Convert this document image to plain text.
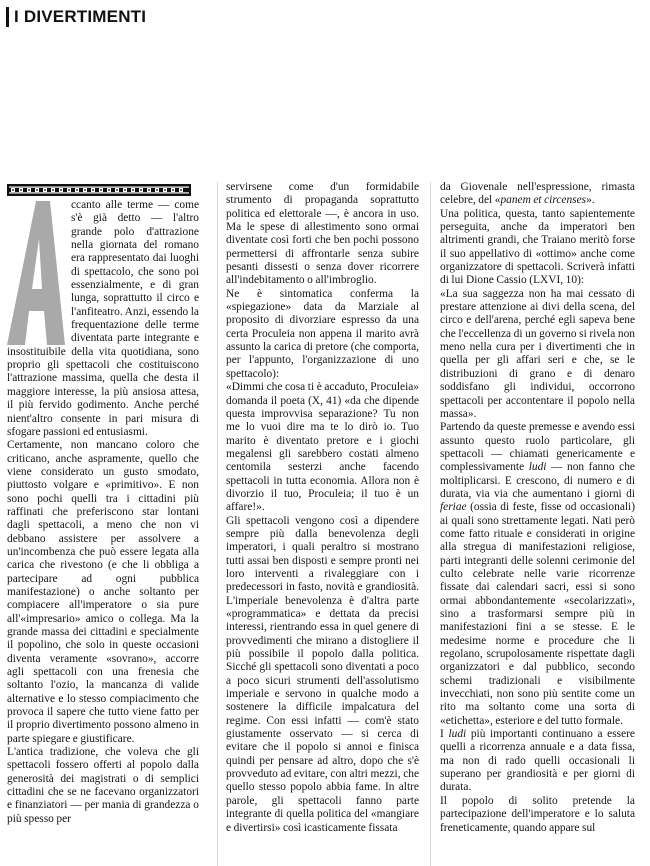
I DIVERTIMENTI

ccanto alle terme — come s'è già detto — l'altro grande polo d'attrazione nella giornata del romano era rappresentato dai luoghi di spettacolo, che sono poi essenzialmente, e di gran lunga, soprattutto il circo e l'anfiteatro. Anzi, essendo la frequentazione delle terme diventata parte integrante e insostituibile della vita quotidiana, sono proprio gli spettacoli che costituiscono l'attrazione massima, quella che desta il maggiore interesse, la più ansiosa attesa, il più fervido godimento. Anche perché nient'altro consente in pari misura di sfogare passioni ed entusiasmi.

Certamente, non mancano coloro che criticano, anche aspramente, quello che viene considerato un gusto smodato, piuttosto volgare e «primitivo». E non sono pochi quelli tra i cittadini più raffinati che preferiscono star lontani dagli spettacoli, a meno che non vi debbano assistere per assolvere a un'incombenza che può essere legata alla carica che rivestono (e che li obbliga a partecipare ad ogni pubblica manifestazione) o anche soltanto per compiacere all'imperatore o sia pure all'«impresario» amico o collega. Ma la grande massa dei cittadini e specialmente il popolino, che solo in queste occasioni diventa veramente «sovrano», accorre agli spettacoli con una frenesia che soltanto l'ozio, la mancanza di valide alternative e lo stesso compiacimento che provoca il sapere che tutto viene fatto per il proprio divertimento possono almeno in parte spiegare e giustificare.

L'antica tradizione, che voleva che gli spettacoli fossero offerti al popolo dalla generosità dei magistrati o di semplici cittadini che se ne facevano organizzatori e finanziatori — per mania di grandezza o più spesso per

servirsene come d'un formidabile strumento di propaganda soprattutto politica ed elettorale —, è ancora in uso. Ma le spese di allestimento sono ormai diventate così forti che ben pochi possono permettersi di affrontarle senza subire pesanti dissesti o senza dover ricorrere all'indebitamento o all'imbroglio.

Ne è sintomatica conferma la «spiegazione» data da Marziale al proposito di divorziare espresso da una certa Proculeia non appena il marito avrà assunto la carica di pretore (che comporta, per l'appunto, l'organizzazione di uno spettacolo):

«Dimmi che cosa ti è accaduto, Proculeia» domanda il poeta (X, 41) «da che dipende questa improvvisa separazione? Tu non me lo vuoi dire ma te lo dirò io. Tuo marito è diventato pretore e i giochi megalensi gli sarebbero costati almeno centomila sesterzi anche facendo spettacoli in tutta economia. Allora non è divorzio il tuo, Proculeia; il tuo è un affare!».

Gli spettacoli vengono così a dipendere sempre più dalla benevolenza degli imperatori, i quali peraltro si mostrano tutti assai ben disposti e sempre pronti nei loro interventi a rivaleggiare con i predecessori in fasto, novità e grandiosità. L'imperiale benevolenza è d'altra parte «programmatica» e dettata da precisi interessi, rientrando essa in quel genere di provvedimenti che mirano a distogliere il più possibile il popolo dalla politica. Sicché gli spettacoli sono diventati a poco a poco sicuri strumenti dell'assolutismo imperiale e servono in qualche modo a sostenere la difficile impalcatura del regime. Con essi infatti — com'è stato giustamente osservato — si cerca di evitare che il popolo si annoi e finisca quindi per pensare ad altro, dopo che s'è provveduto ad evitare, con altri mezzi, che quello stesso popolo abbia fame. In altre parole, gli spettacoli fanno parte integrante di quella politica del «mangiare e divertirsi» così icasticamente fissata

da Giovenale nell'espressione, rimasta celebre, del «panem et circenses».

Una politica, questa, tanto sapientemente perseguita, anche da imperatori ben altrimenti grandi, che Traiano meritò forse il suo appellativo di «ottimo» anche come organizzatore di spettacoli. Scriverà infatti di lui Dione Cassio (LXVI, 10):

«La sua saggezza non ha mai cessato di prestare attenzione ai divi della scena, del circo e dell'arena, perché egli sapeva bene che l'eccellenza di un governo si rivela non meno nella cura per i divertimenti che in quella per gli affari seri e che, se le distribuzioni di grano e di denaro soddisfano gli individui, occorrono spettacoli per accontentare il popolo nella massa».

Partendo da queste premesse e avendo essi assunto questo ruolo particolare, gli spettacoli — chiamati genericamente e complessivamente ludi — non fanno che moltiplicarsi. E crescono, di numero e di durata, via via che aumentano i giorni di feriae (ossia di feste, fisse od occasionali) ai quali sono strettamente legati. Nati però come fatto rituale e considerati in origine alla stregua di manifestazioni religiose, parti integranti delle solenni cerimonie del culto celebrate nelle varie ricorrenze fissate dai calendari sacri, essi si sono ormai abbondantemente «secolarizzati», sino a trasformarsi sempre più in manifestazioni fini a se stesse. E le medesime norme e procedure che li regolano, scrupolosamente rispettate dagli organizzatori e dal pubblico, secondo schemi tradizionali e visibilmente invecchiati, non sono più sentite come un rito ma soltanto come una sorta di «etichetta», esteriore e del tutto formale.

I ludi più importanti continuano a essere quelli a ricorrenza annuale e a data fissa, ma non di rado quelli occasionali li superano per grandiosità e per giorni di durata.

Il popolo di solito pretende la partecipazione dell'imperatore e lo saluta freneticamente, quando appare sul
